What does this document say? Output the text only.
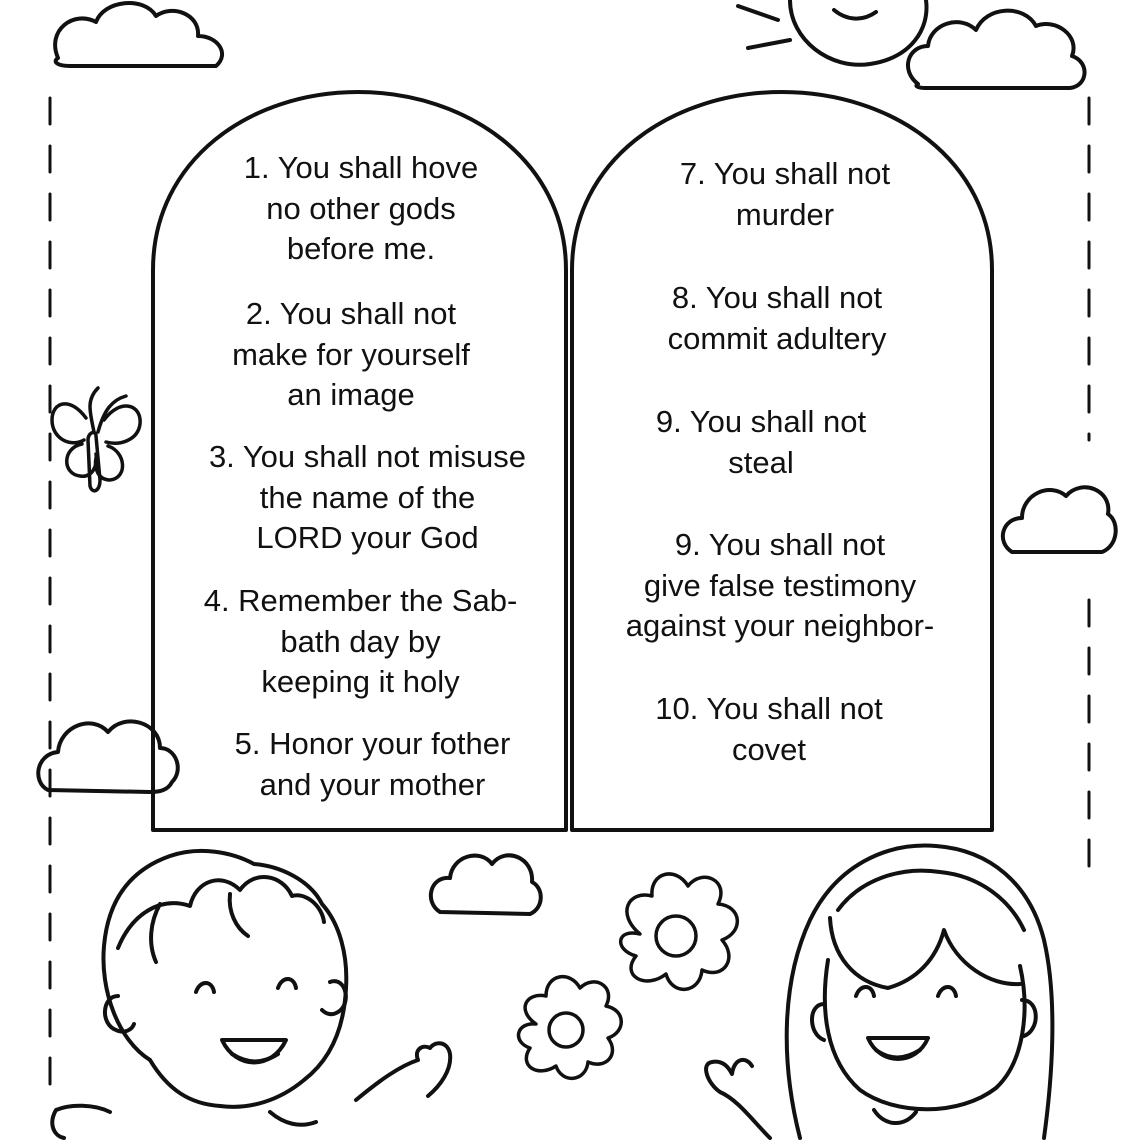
1. You shall hove
no other gods
before me.

2. You shall not
make for yourself
an image

3. You shall not misuse
the name of the
LORD your God

4. Remember the Sab-
bath day by
keeping it holy

5. Honor your fother
and your mother

7. You shall not
murder

8. You shall not
commit adultery

9. You shall not
steal

9. You shall not
give false testimony
against your neighbor-

10. You shall not
covet
